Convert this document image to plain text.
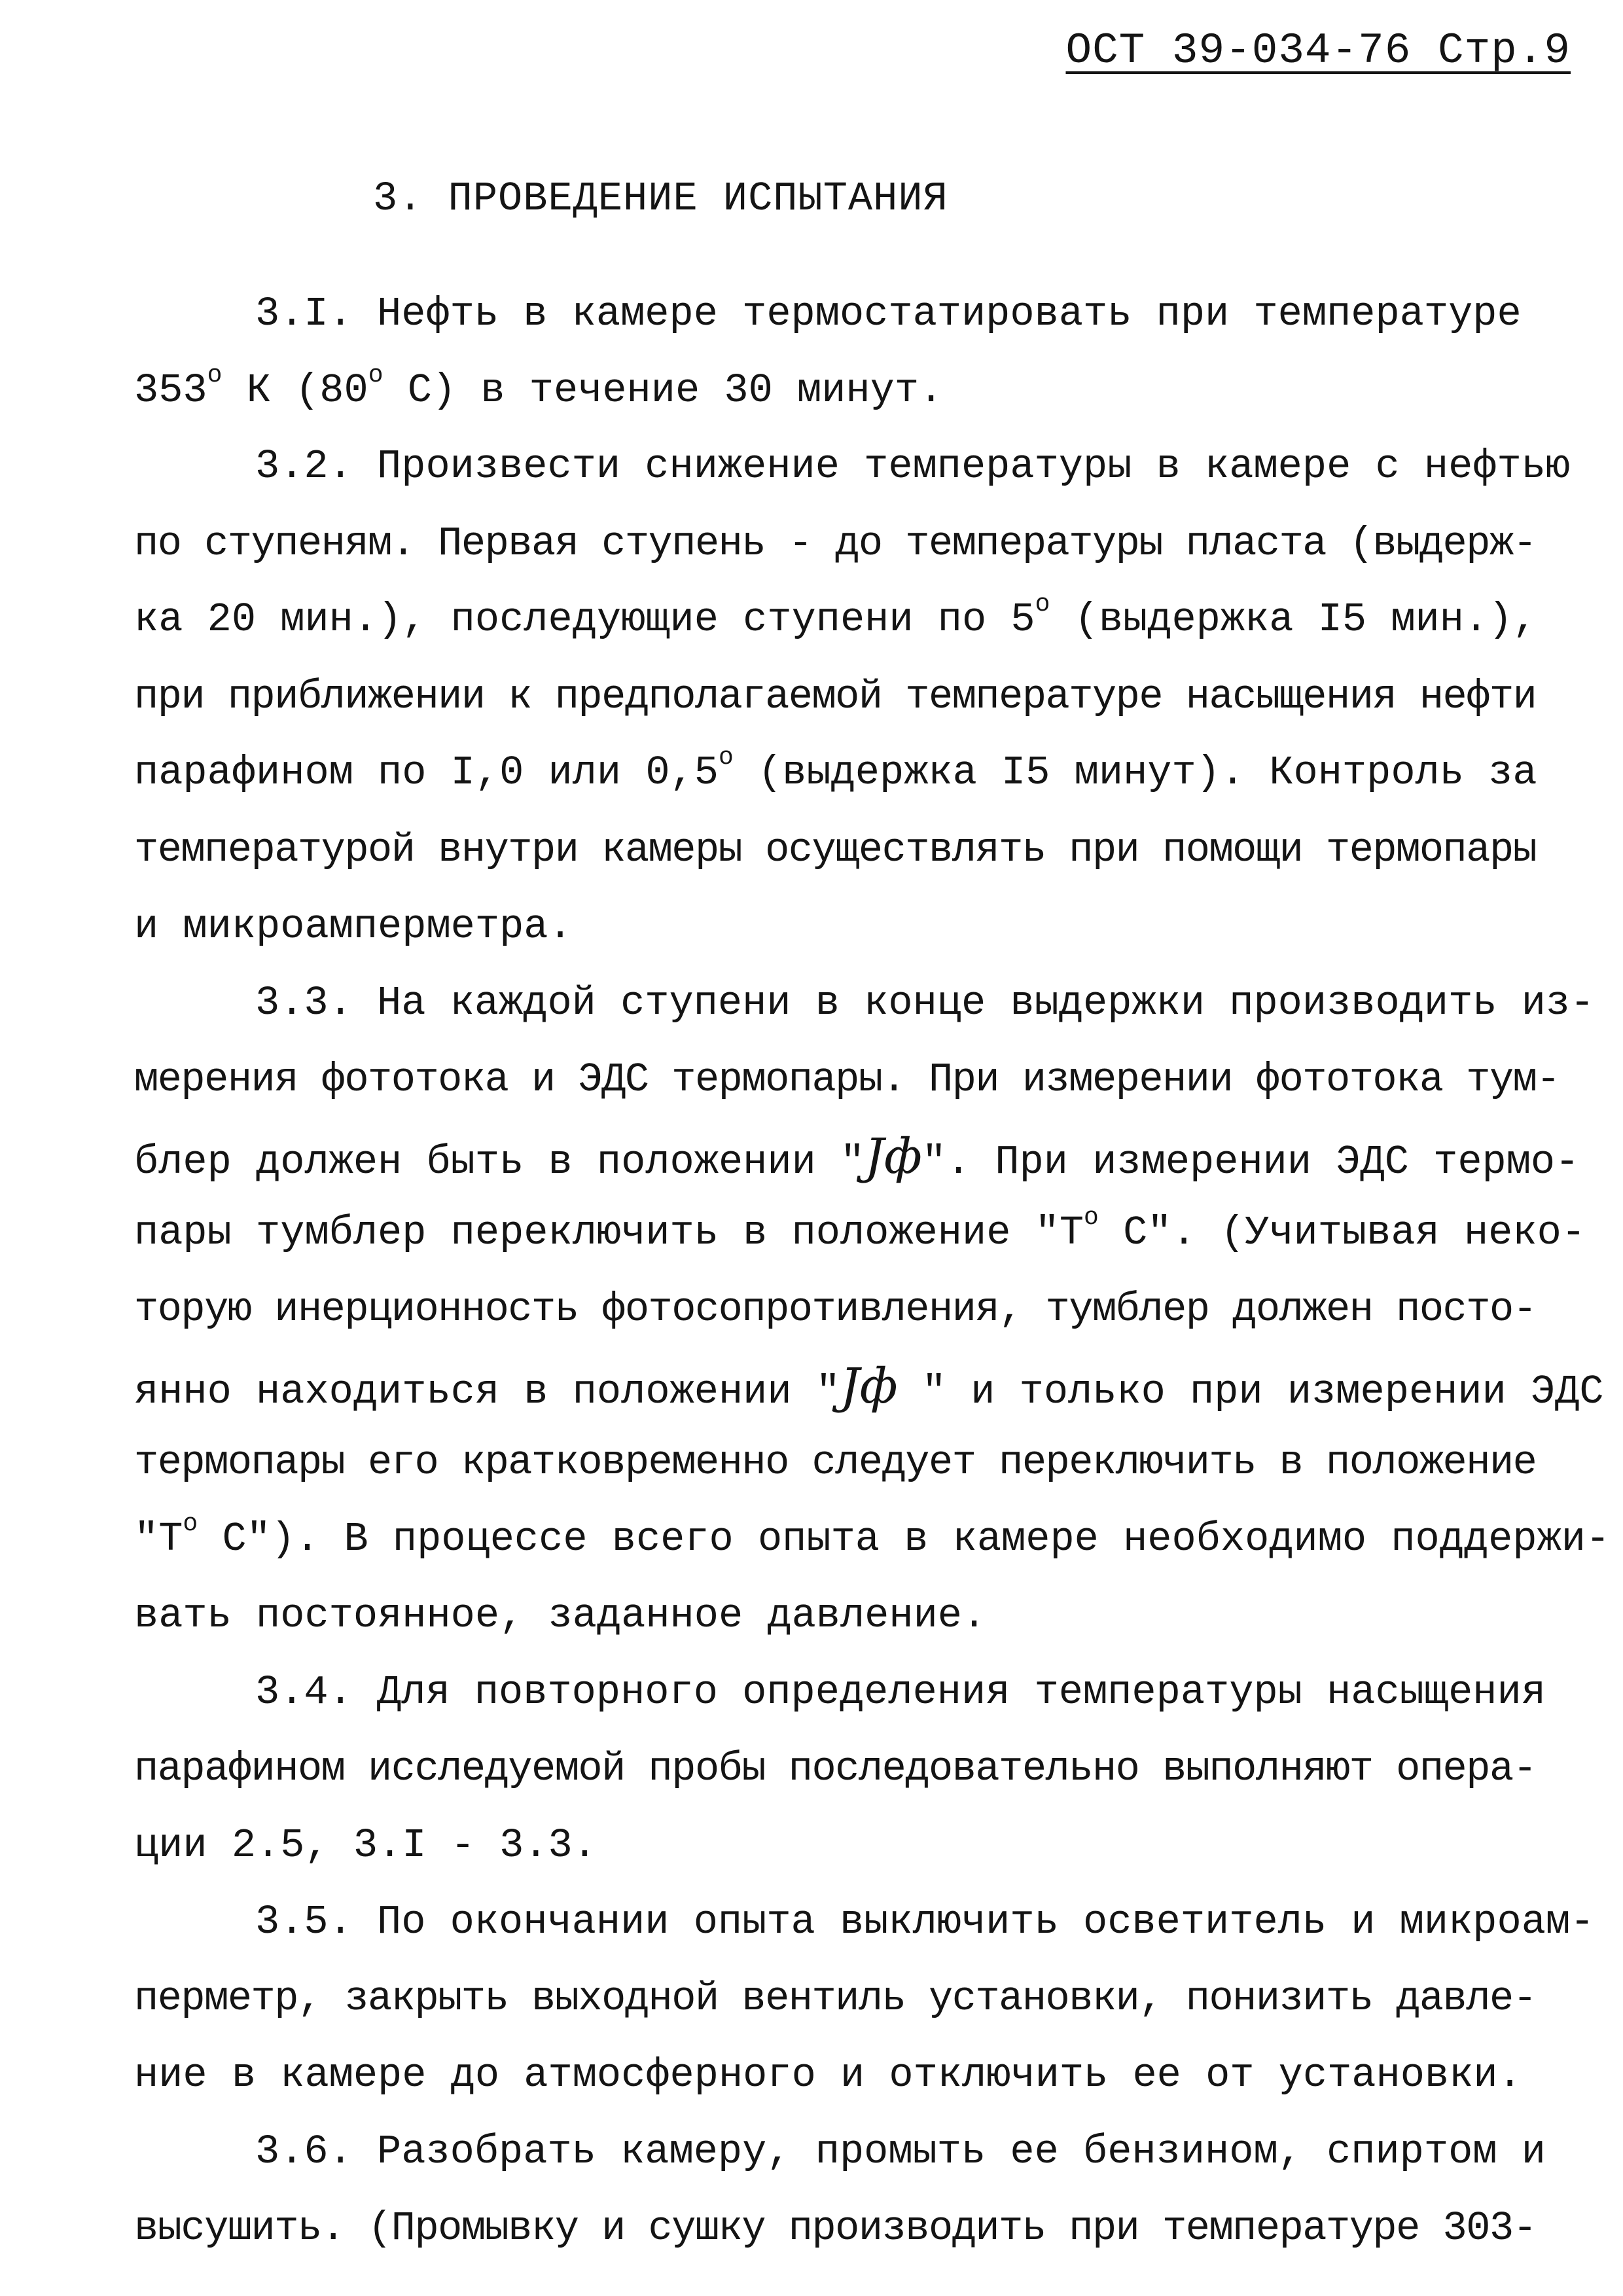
ОСТ 39-034-76 Стр.9
3. ПРОВЕДЕНИЕ ИСПЫТАНИЯ
3.I. Нефть в камере термостатировать при температуре
353$^o$ К (80$^o$ С) в течение 30 минут.
3.2. Произвести снижение температуры в камере с нефтью
по ступеням. Первая ступень - до температуры пласта (выдерж-
ка 20 мин.), последующие ступени по 5$^o$ (выдержка I5 мин.),
при приближении к предполагаемой температуре насыщения нефти
парафином по I,0 или 0,5$^o$ (выдержка I5 минут). Контроль за
температурой внутри камеры осуществлять при помощи термопары
и микроамперметра.
3.3. На каждой ступени в конце выдержки производить из-
мерения фототока и ЭДС термопары. При измерении фототока тум-
блер должен быть в положении "Jф". При измерении ЭДС термо-
пары тумблер переключить в положение "$Т^o$ С". (Учитывая неко-
торую инерционность фотосопротивления, тумблер должен посто-
янно находиться в положении "Jф " и только при измерении ЭДС
термопары его кратковременно следует переключить в положение
"$Т^o$ С"). В процессе всего опыта в камере необходимо поддержи-
вать постоянное, заданное давление.
3.4. Для повторного определения температуры насыщения
парафином исследуемой пробы последовательно выполняют опера-
ции 2.5, 3.I - 3.3.
3.5. По окончании опыта выключить осветитель и микроам-
перметр, закрыть выходной вентиль установки, понизить давле-
ние в камере до атмосферного и отключить ее от установки.
3.6. Разобрать камеру, промыть ее бензином, спиртом и
высушить. (Промывку и сушку производить при температуре 303-
